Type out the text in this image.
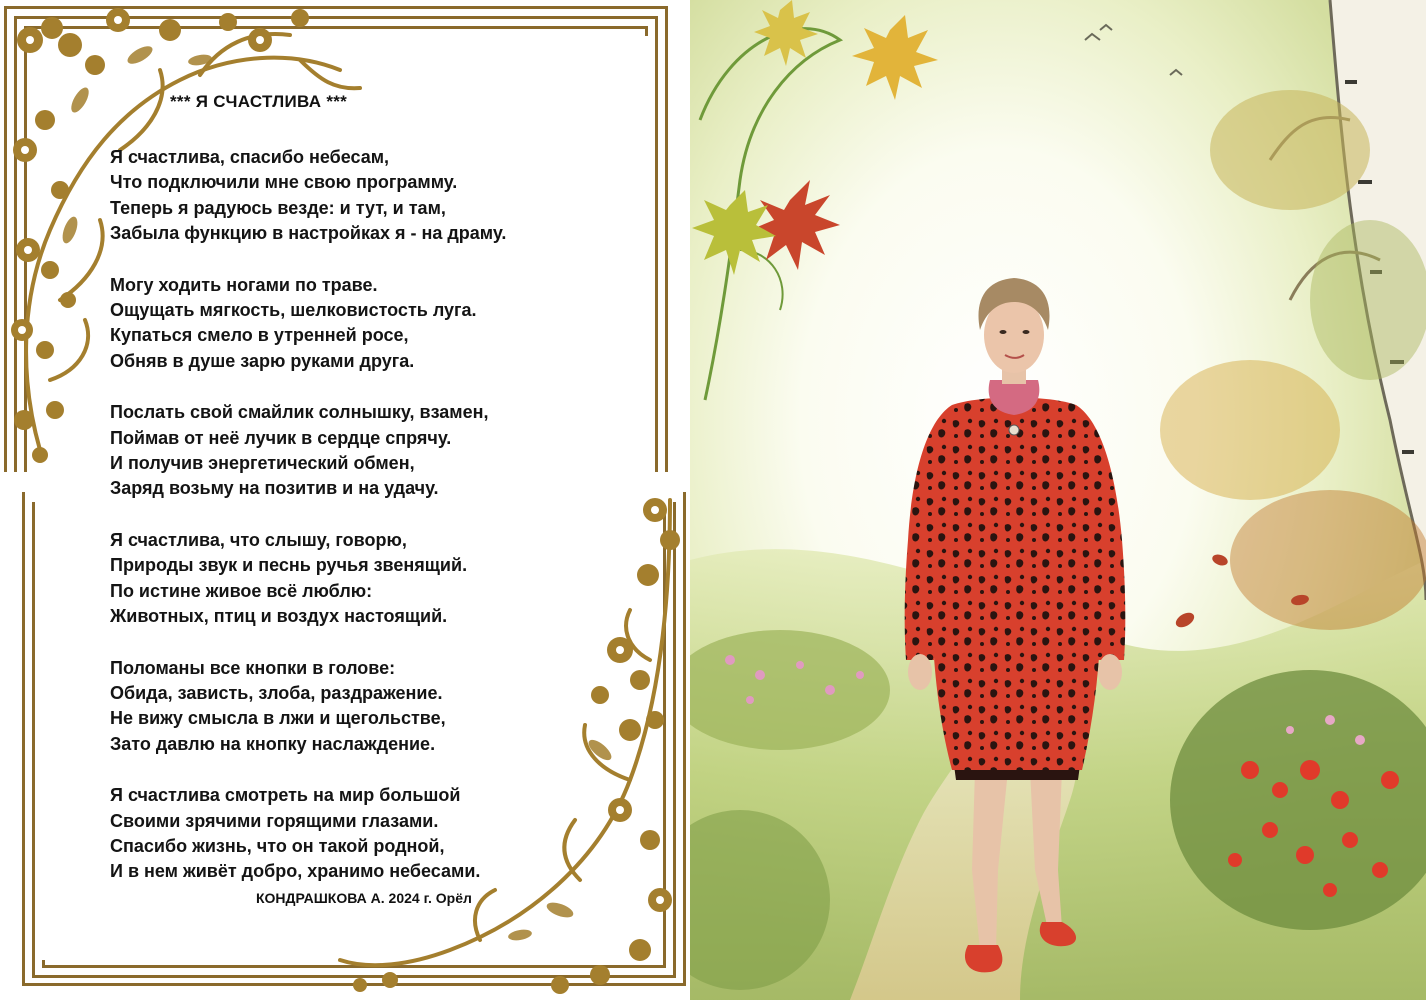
*** Я СЧАСТЛИВА ***
Я счастлива, спасибо небесам,
Что подключили мне свою программу.
Теперь я радуюсь везде: и тут, и там,
Забыла функцию в настройках я - на драму.
Могу ходить ногами по траве.
Ощущать мягкость, шелковистость луга.
Купаться смело в утренней росе,
Обняв в душе зарю руками друга.
Послать свой смайлик солнышку, взамен,
Поймав от неё лучик в сердце спрячу.
И получив энергетический обмен,
Заряд возьму на позитив и на удачу.
Я счастлива, что слышу, говорю,
Природы звук и песнь ручья звенящий.
По истине живое всё люблю:
Животных, птиц и воздух настоящий.
Поломаны все кнопки в голове:
Обида, зависть, злоба, раздражение.
Не вижу смысла в лжи и щегольстве,
Зато давлю на кнопку наслаждение.
Я счастлива смотреть на мир большой
Своими зрячими горящими глазами.
Спасибо жизнь, что он такой родной,
И в нем живёт добро, хранимо небесами.
КОНДРАШКОВА А. 2024 г. Орёл
